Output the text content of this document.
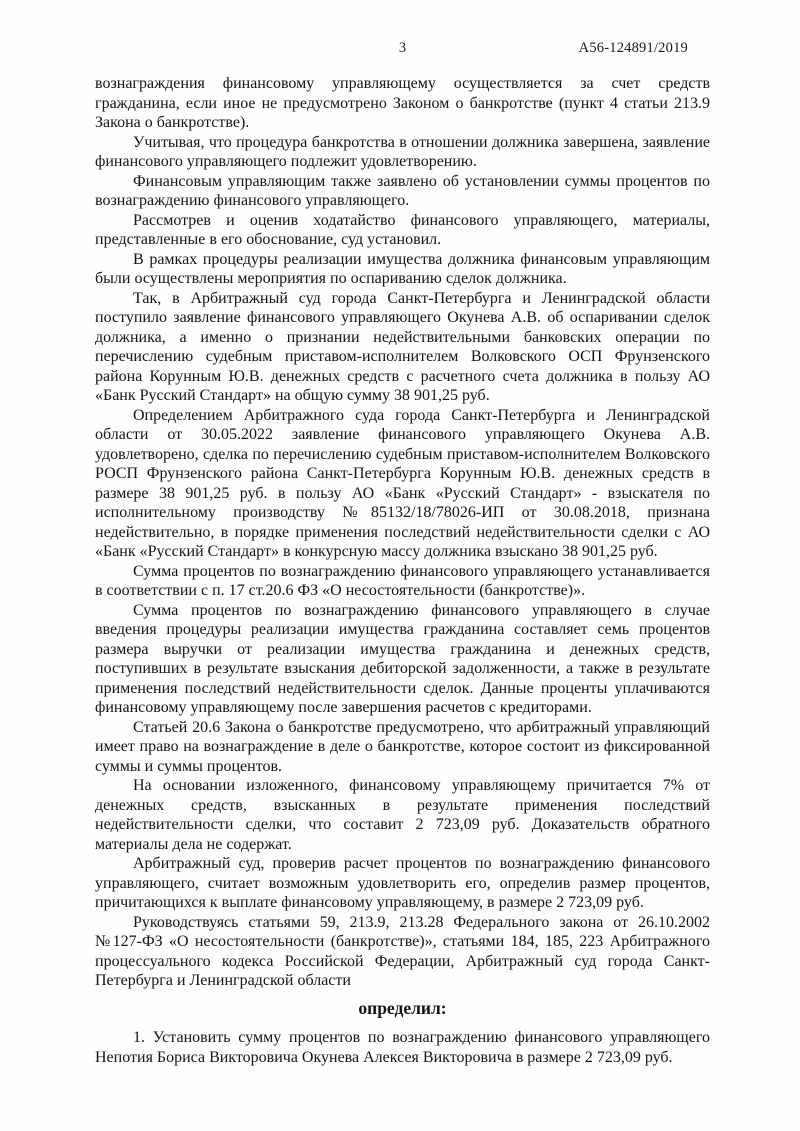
3	А56-124891/2019

вознаграждения финансовому управляющему осуществляется за счет средств гражданина, если иное не предусмотрено Законом о банкротстве (пункт 4 статьи 213.9 Закона о банкротстве).

Учитывая, что процедура банкротства в отношении должника завершена, заявление финансового управляющего подлежит удовлетворению.

Финансовым управляющим также заявлено об установлении суммы процентов по вознаграждению финансового управляющего.

Рассмотрев и оценив ходатайство финансового управляющего, материалы, представленные в его обоснование, суд установил.

В рамках процедуры реализации имущества должника финансовым управляющим были осуществлены мероприятия по оспариванию сделок должника.

Так, в Арбитражный суд города Санкт-Петербурга и Ленинградской области поступило заявление финансового управляющего Окунева А.В. об оспаривании сделок должника, а именно о признании недействительными банковских операции по перечислению судебным приставом-исполнителем Волковского ОСП Фрунзенского района Корунным Ю.В. денежных средств с расчетного счета должника в пользу АО «Банк Русский Стандарт» на общую сумму 38 901,25 руб.

Определением Арбитражного суда города Санкт-Петербурга и Ленинградской области от 30.05.2022 заявление финансового управляющего Окунева А.В. удовлетворено, сделка по перечислению судебным приставом-исполнителем Волковского РОСП Фрунзенского района Санкт-Петербурга Корунным Ю.В. денежных средств в размере 38 901,25 руб. в пользу АО «Банк «Русский Стандарт» - взыскателя по исполнительному производству №85132/18/78026-ИП от 30.08.2018, признана недействительно, в порядке применения последствий недействительности сделки с АО «Банк «Русский Стандарт» в конкурсную массу должника взыскано 38 901,25 руб.

Сумма процентов по вознаграждению финансового управляющего устанавливается в соответствии с п. 17 ст.20.6 ФЗ «О несостоятельности (банкротстве)».

Сумма процентов по вознаграждению финансового управляющего в случае введения процедуры реализации имущества гражданина составляет семь процентов размера выручки от реализации имущества гражданина и денежных средств, поступивших в результате взыскания дебиторской задолженности, а также в результате применения последствий недействительности сделок. Данные проценты уплачиваются финансовому управляющему после завершения расчетов с кредиторами.

Статьей 20.6 Закона о банкротстве предусмотрено, что арбитражный управляющий имеет право на вознаграждение в деле о банкротстве, которое состоит из фиксированной суммы и суммы процентов.

На основании изложенного, финансовому управляющему причитается 7% от денежных средств, взысканных в результате применения последствий недействительности сделки, что составит 2 723,09 руб. Доказательств обратного материалы дела не содержат.

Арбитражный суд, проверив расчет процентов по вознаграждению финансового управляющего, считает возможным удовлетворить его, определив размер процентов, причитающихся к выплате финансовому управляющему, в размере 2 723,09 руб.

Руководствуясь статьями 59, 213.9, 213.28 Федерального закона от 26.10.2002 №127-ФЗ «О несостоятельности (банкротстве)», статьями 184, 185, 223 Арбитражного процессуального кодекса Российской Федерации, Арбитражный суд города Санкт-Петербурга и Ленинградской области

определил:

1. Установить сумму процентов по вознаграждению финансового управляющего Непотия Бориса Викторовича Окунева Алексея Викторовича в размере 2 723,09 руб.
